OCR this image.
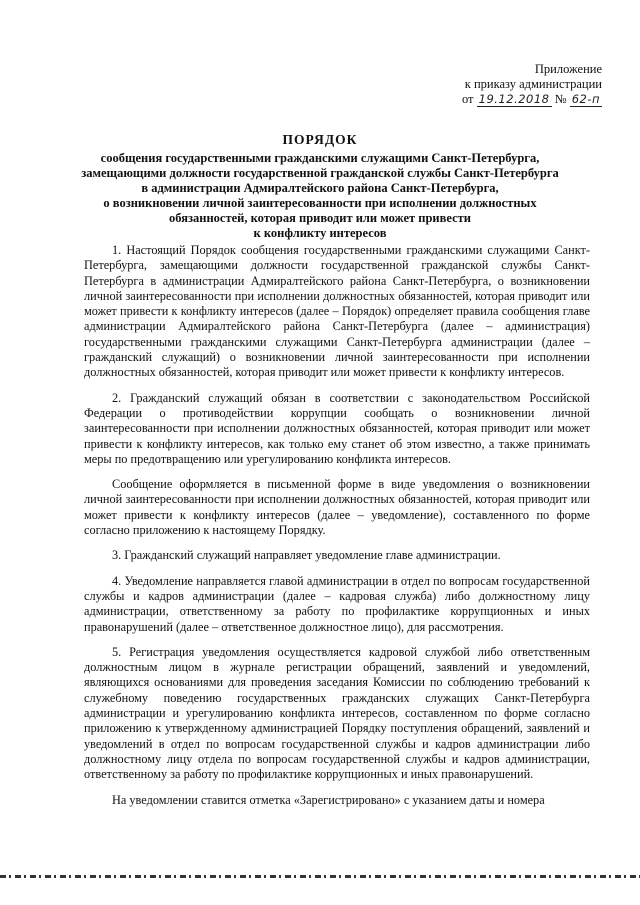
Приложение
к приказу администрации
от 19.12.2018 № 62-п
ПОРЯДОК
сообщения государственными гражданскими служащими Санкт-Петербурга,
замещающими должности государственной гражданской службы Санкт-Петербурга
в администрации Адмиралтейского района Санкт-Петербурга,
о возникновении личной заинтересованности при исполнении должностных
обязанностей, которая приводит или может привести
к конфликту интересов

1. Настоящий Порядок сообщения государственными гражданскими служащими Санкт-Петербурга, замещающими должности государственной гражданской службы Санкт-Петербурга в администрации Адмиралтейского района Санкт-Петербурга, о возникновении личной заинтересованности при исполнении должностных обязанностей, которая приводит или может привести к конфликту интересов (далее – Порядок) определяет правила сообщения главе администрации Адмиралтейского района Санкт-Петербурга (далее – администрация) государственными гражданскими служащими Санкт-Петербурга администрации (далее – гражданский служащий) о возникновении личной заинтересованности при исполнении должностных обязанностей, которая приводит или может привести к конфликту интересов.

2. Гражданский служащий обязан в соответствии с законодательством Российской Федерации о противодействии коррупции сообщать о возникновении личной заинтересованности при исполнении должностных обязанностей, которая приводит или может привести к конфликту интересов, как только ему станет об этом известно, а также принимать меры по предотвращению или урегулированию конфликта интересов.

Сообщение оформляется в письменной форме в виде уведомления о возникновении личной заинтересованности при исполнении должностных обязанностей, которая приводит или может привести к конфликту интересов (далее – уведомление), составленного по форме согласно приложению к настоящему Порядку.

3. Гражданский служащий направляет уведомление главе администрации.

4. Уведомление направляется главой администрации в отдел по вопросам государственной службы и кадров администрации (далее – кадровая служба) либо должностному лицу администрации, ответственному за работу по профилактике коррупционных и иных правонарушений (далее – ответственное должностное лицо), для рассмотрения.

5. Регистрация уведомления осуществляется кадровой службой либо ответственным должностным лицом в журнале регистрации обращений, заявлений и уведомлений, являющихся основаниями для проведения заседания Комиссии по соблюдению требований к служебному поведению государственных гражданских служащих Санкт-Петербурга администрации и урегулированию конфликта интересов, составленном по форме согласно приложению к утвержденному администрацией Порядку поступления обращений, заявлений и уведомлений в отдел по вопросам государственной службы и кадров администрации либо должностному лицу отдела по вопросам государственной службы и кадров администрации, ответственному за работу по профилактике коррупционных и иных правонарушений.

На уведомлении ставится отметка «Зарегистрировано» с указанием даты и номера
